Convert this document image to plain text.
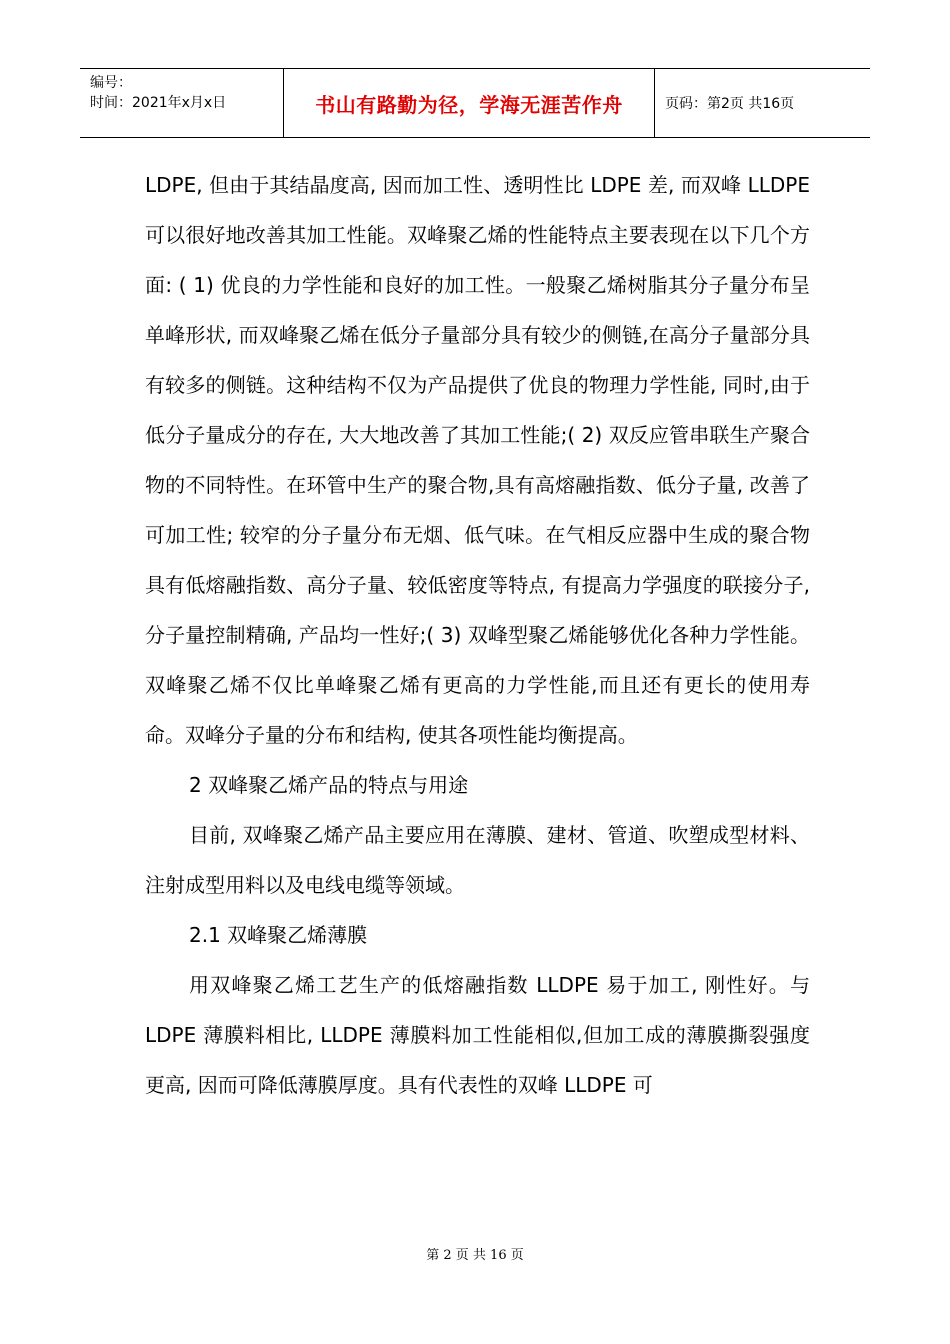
编号：
时间：2021年x月x日	书山有路勤为径，学海无涯苦作舟	页码：第2页 共16页

LDPE, 但由于其结晶度高, 因而加工性、透明性比 LDPE 差, 而双峰 LLDPE 可以很好地改善其加工性能。双峰聚乙烯的性能特点主要表现在以下几个方面: ( 1) 优良的力学性能和良好的加工性。一般聚乙烯树脂其分子量分布呈单峰形状, 而双峰聚乙烯在低分子量部分具有较少的侧链,在高分子量部分具有较多的侧链。这种结构不仅为产品提供了优良的物理力学性能, 同时,由于低分子量成分的存在, 大大地改善了其加工性能;( 2) 双反应管串联生产聚合物的不同特性。在环管中生产的聚合物,具有高熔融指数、低分子量, 改善了可加工性; 较窄的分子量分布无烟、低气味。在气相反应器中生成的聚合物具有低熔融指数、高分子量、较低密度等特点, 有提高力学强度的联接分子, 分子量控制精确, 产品均一性好;( 3) 双峰型聚乙烯能够优化各种力学性能。双峰聚乙烯不仅比单峰聚乙烯有更高的力学性能,而且还有更长的使用寿命。双峰分子量的分布和结构, 使其各项性能均衡提高。

2 双峰聚乙烯产品的特点与用途

目前, 双峰聚乙烯产品主要应用在薄膜、建材、管道、吹塑成型材料、注射成型用料以及电线电缆等领域。

2.1 双峰聚乙烯薄膜

用双峰聚乙烯工艺生产的低熔融指数 LLDPE 易于加工, 刚性好。与 LDPE 薄膜料相比, LLDPE 薄膜料加工性能相似,但加工成的薄膜撕裂强度更高, 因而可降低薄膜厚度。具有代表性的双峰 LLDPE 可

第 2 页 共 16 页
